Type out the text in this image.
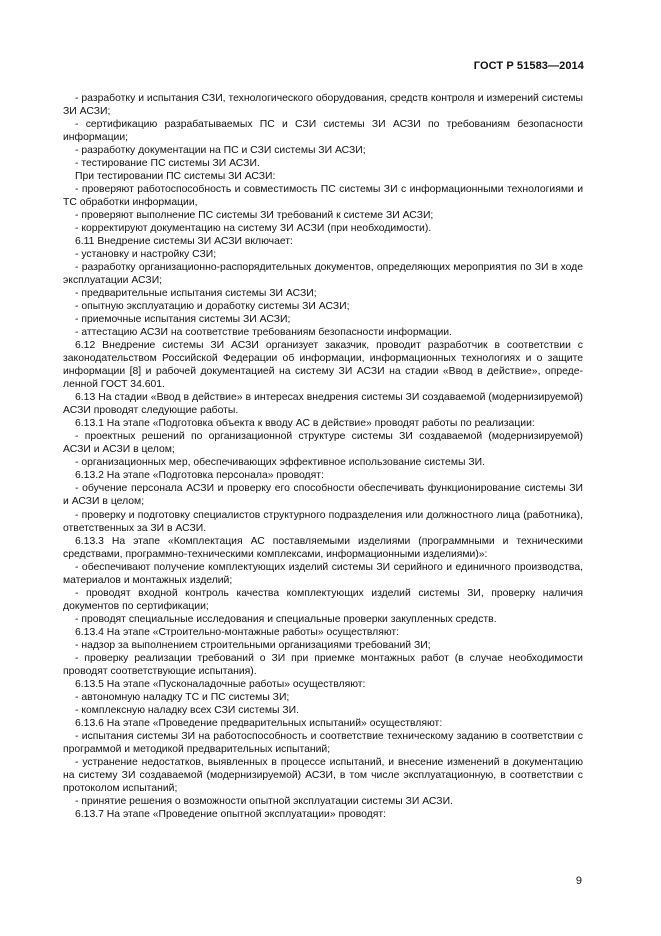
ГОСТ Р 51583—2014

- разработку и испытания СЗИ, технологического оборудования, средств контроля и измерений системы ЗИ АСЗИ;

- сертификацию разрабатываемых ПС и СЗИ системы ЗИ АСЗИ по требованиям безопасности информации;

- разработку документации на ПС и СЗИ системы ЗИ АСЗИ;

- тестирование ПС системы ЗИ АСЗИ.

При тестировании ПС системы ЗИ АСЗИ:

- проверяют работоспособность и совместимость ПС системы ЗИ с информационными технологиями и ТС обработки информации,

- проверяют выполнение ПС системы ЗИ требований к системе ЗИ АСЗИ;

- корректируют документацию на систему ЗИ АСЗИ (при необходимости).

6.11 Внедрение системы ЗИ АСЗИ включает:

- установку и настройку СЗИ;

- разработку организационно-распорядительных документов, определяющих мероприятия по ЗИ в ходе эксплуатации АСЗИ;

- предварительные испытания системы ЗИ АСЗИ;

- опытную эксплуатацию и доработку системы ЗИ АСЗИ;

- приемочные испытания системы ЗИ АСЗИ;

- аттестацию АСЗИ на соответствие требованиям безопасности информации.

6.12 Внедрение системы ЗИ АСЗИ организует заказчик, проводит разработчик в соответствии с законодательством Российской Федерации об информации, информационных технологиях и о защите информации [8] и рабочей документацией на систему ЗИ АСЗИ на стадии «Ввод в действие», определенной ГОСТ 34.601.

6.13 На стадии «Ввод в действие» в интересах внедрения системы ЗИ создаваемой (модернизируемой) АСЗИ проводят следующие работы.

6.13.1 На этапе «Подготовка объекта к вводу АС в действие» проводят работы по реализации:

- проектных решений по организационной структуре системы ЗИ создаваемой (модернизируемой) АСЗИ и АСЗИ в целом;

- организационных мер, обеспечивающих эффективное использование системы ЗИ.

6.13.2 На этапе «Подготовка персонала» проводят:

- обучение персонала АСЗИ и проверку его способности обеспечивать функционирование системы ЗИ и АСЗИ в целом;

- проверку и подготовку специалистов структурного подразделения или должностного лица (работника), ответственных за ЗИ в АСЗИ.

6.13.3 На этапе «Комплектация АС поставляемыми изделиями (программными и техническими средствами, программно-техническими комплексами, информационными изделиями)»:

- обеспечивают получение комплектующих изделий системы ЗИ серийного и единичного производства, материалов и монтажных изделий;

- проводят входной контроль качества комплектующих изделий системы ЗИ, проверку наличия документов по сертификации;

- проводят специальные исследования и специальные проверки закупленных средств.

6.13.4 На этапе «Строительно-монтажные работы» осуществляют:

- надзор за выполнением строительными организациями требований ЗИ;

- проверку реализации требований о ЗИ при приемке монтажных работ (в случае необходимости проводят соответствующие испытания).

6.13.5 На этапе «Пусконаладочные работы» осуществляют:

- автономную наладку ТС и ПС системы ЗИ;

- комплексную наладку всех СЗИ системы ЗИ.

6.13.6 На этапе «Проведение предварительных испытаний» осуществляют:

- испытания системы ЗИ на работоспособность и соответствие техническому заданию в соответствии с программой и методикой предварительных испытаний;

- устранение недостатков, выявленных в процессе испытаний, и внесение изменений в документацию на систему ЗИ создаваемой (модернизируемой) АСЗИ, в том числе эксплуатационную, в соответствии с протоколом испытаний;

- принятие решения о возможности опытной эксплуатации системы ЗИ АСЗИ.

6.13.7 На этапе «Проведение опытной эксплуатации» проводят:

9
